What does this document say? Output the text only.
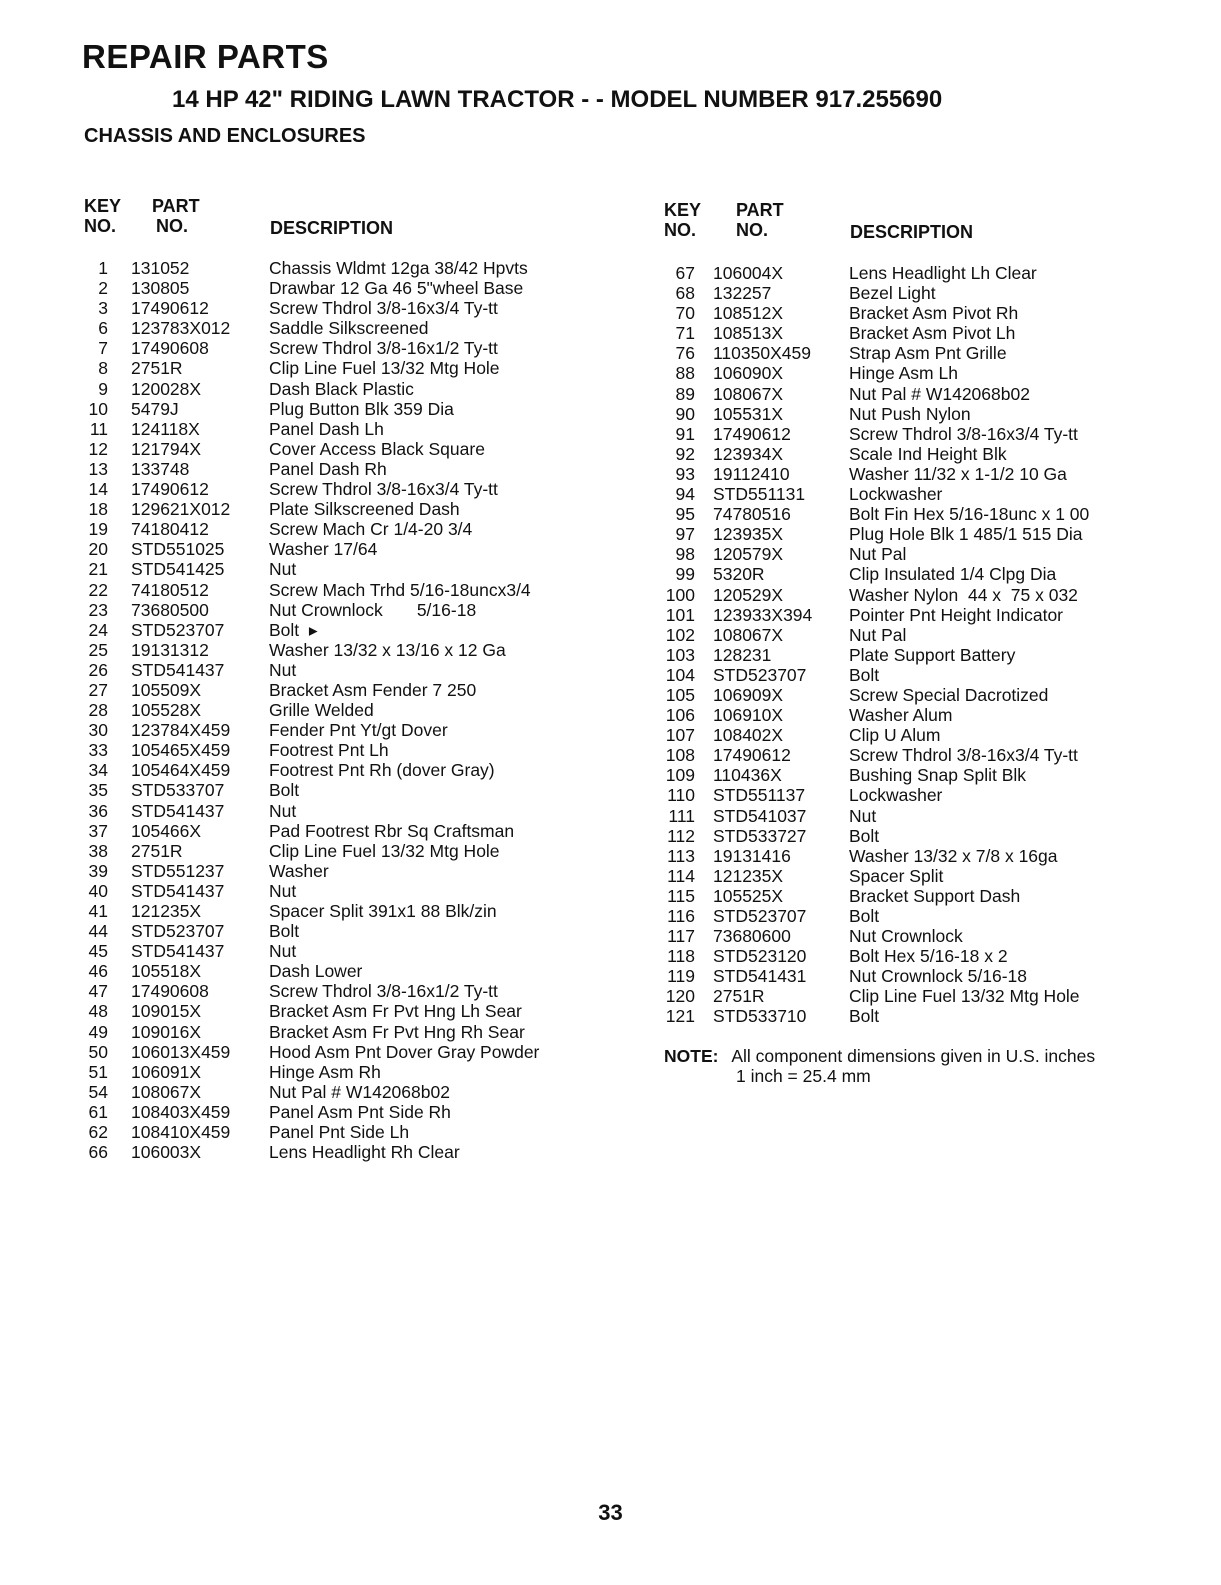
REPAIR PARTS
14 HP 42" RIDING LAWN TRACTOR - - MODEL NUMBER 917.255690
CHASSIS AND ENCLOSURES
KEY
NO.
PART
NO.	DESCRIPTION
KEY
NO.
PART
NO.	DESCRIPTION
1 131052	Chassis Wldmt 12ga 38/42 Hpvts
2 130805	Drawbar 12 Ga 46 5"wheel Base
3 17490612	Screw Thdrol 3/8-16x3/4 Ty-tt
6 123783X012 Saddle Silkscreened
7 17490608	Screw Thdrol 3/8-16x1/2 Ty-tt
8 2751R	Clip Line Fuel 13/32 Mtg Hole
9 120028X	Dash Black Plastic
10 5479J	Plug Button Blk 359 Dia
11 124118X	Panel Dash Lh
12 121794X	Cover Access Black Square
13 133748	Panel Dash Rh
14 17490612	Screw Thdrol 3/8-16x3/4 Ty-tt
18 129621X012 Plate Silkscreened Dash
19 74180412	Screw Mach Cr 1/4-20 3/4
20 STD551025	Washer 17/64
21 STD541425	Nut
22 74180512	Screw Mach Trhd 5/16-18uncx3/4
23 73680500	Nut Crownlock       5/16-18
24 STD523707	Bolt  ▸
25 19131312	Washer 13/32 x 13/16 x 12 Ga
26 STD541437	Nut
27 105509X	Bracket Asm Fender 7 250
28 105528X	Grille Welded
30 123784X459 Fender Pnt Yt/gt Dover
33 105465X459 Footrest Pnt Lh
34 105464X459 Footrest Pnt Rh (dover Gray)
35 STD533707	Bolt
36 STD541437	Nut
37 105466X	Pad Footrest Rbr Sq Craftsman
38 2751R	Clip Line Fuel 13/32 Mtg Hole
39 STD551237	Washer
40 STD541437	Nut
41 121235X	Spacer Split 391x1 88 Blk/zin
44 STD523707	Bolt
45 STD541437	Nut
46 105518X	Dash Lower
47 17490608	Screw Thdrol 3/8-16x1/2 Ty-tt
48 109015X	Bracket Asm Fr Pvt Hng Lh Sear
49 109016X	Bracket Asm Fr Pvt Hng Rh Sear
50 106013X459 Hood Asm Pnt Dover Gray Powder
51 106091X	Hinge Asm Rh
54 108067X	Nut Pal # W142068b02
61 108403X459 Panel Asm Pnt Side Rh
62 108410X459 Panel Pnt Side Lh
66 106003X	Lens Headlight Rh Clear
67 106004X	Lens Headlight Lh Clear
68 132257	Bezel Light
70 108512X	Bracket Asm Pivot Rh
71 108513X	Bracket Asm Pivot Lh
76 110350X459 Strap Asm Pnt Grille
88 106090X	Hinge Asm Lh
89 108067X	Nut Pal # W142068b02
90 105531X	Nut Push Nylon
91 17490612	Screw Thdrol 3/8-16x3/4 Ty-tt
92 123934X	Scale Ind Height Blk
93 19112410	Washer 11/32 x 1-1/2 10 Ga
94 STD551131	Lockwasher
95 74780516	Bolt Fin Hex 5/16-18unc x 1 00
97 123935X	Plug Hole Blk 1 485/1 515 Dia
98 120579X	Nut Pal
99 5320R	Clip Insulated 1/4 Clpg Dia
100 120529X	Washer Nylon  44 x  75 x 032
101 123933X394 Pointer Pnt Height Indicator
102 108067X	Nut Pal
103 128231	Plate Support Battery
104 STD523707 Bolt
105 106909X	Screw Special Dacrotized
106 106910X	Washer Alum
107 108402X	Clip U Alum
108 17490612	Screw Thdrol 3/8-16x3/4 Ty-tt
109 110436X	Bushing Snap Split Blk
110 STD551137	Lockwasher
111 STD541037 Nut
112 STD533727 Bolt
113 19131416	Washer 13/32 x 7/8 x 16ga
114 121235X	Spacer Split
115 105525X	Bracket Support Dash
116 STD523707 Bolt
117 73680600	Nut Crownlock
118 STD523120 Bolt Hex 5/16-18 x 2
119 STD541431 Nut Crownlock 5/16-18
120 2751R	Clip Line Fuel 13/32 Mtg Hole
121 STD533710 Bolt
NOTE: All component dimensions given in U.S. inches
1 inch = 25.4 mm
33
